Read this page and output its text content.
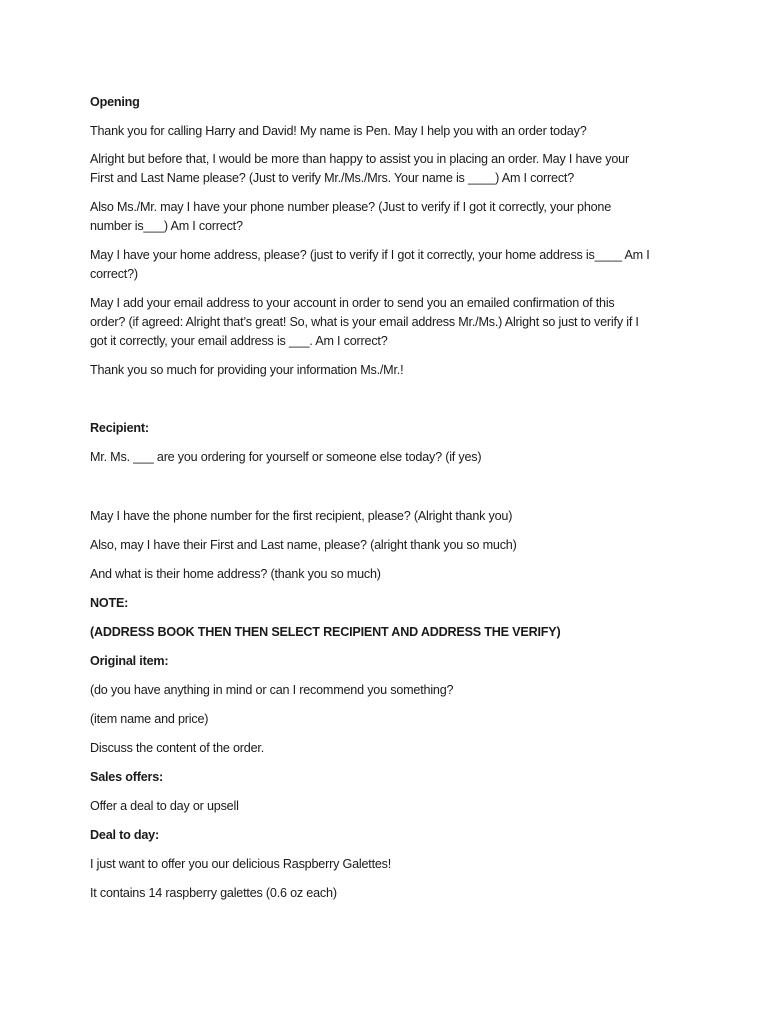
Opening

Thank you for calling Harry and David! My name is Pen. May I help you with an order today?

Alright but before that, I would be more than happy to assist you in placing an order. May I have your

First and Last Name please? (Just to verify Mr./Ms./Mrs. Your name is ____) Am I correct?

Also Ms./Mr. may I have your phone number please? (Just to verify if I got it correctly, your phone

number is___) Am I correct?

May I have your home address, please? (just to verify if I got it correctly, your home address is____ Am I

correct?)

May I add your email address to your account in order to send you an emailed confirmation of this

order? (if agreed: Alright that’s great! So, what is your email address Mr./Ms.) Alright so just to verify if I

got it correctly, your email address is ___. Am I correct?

Thank you so much for providing your information Ms./Mr.!

Recipient:

Mr. Ms. ___ are you ordering for yourself or someone else today? (if yes)

May I have the phone number for the first recipient, please? (Alright thank you)

Also, may I have their First and Last name, please? (alright thank you so much)

And what is their home address? (thank you so much)

NOTE:

(ADDRESS BOOK THEN THEN SELECT RECIPIENT AND ADDRESS THE VERIFY)

Original item:

(do you have anything in mind or can I recommend you something?

(item name and price)

Discuss the content of the order.

Sales offers:

Offer a deal to day or upsell

Deal to day:

I just want to offer you our delicious Raspberry Galettes!

It contains 14 raspberry galettes (0.6 oz each)
